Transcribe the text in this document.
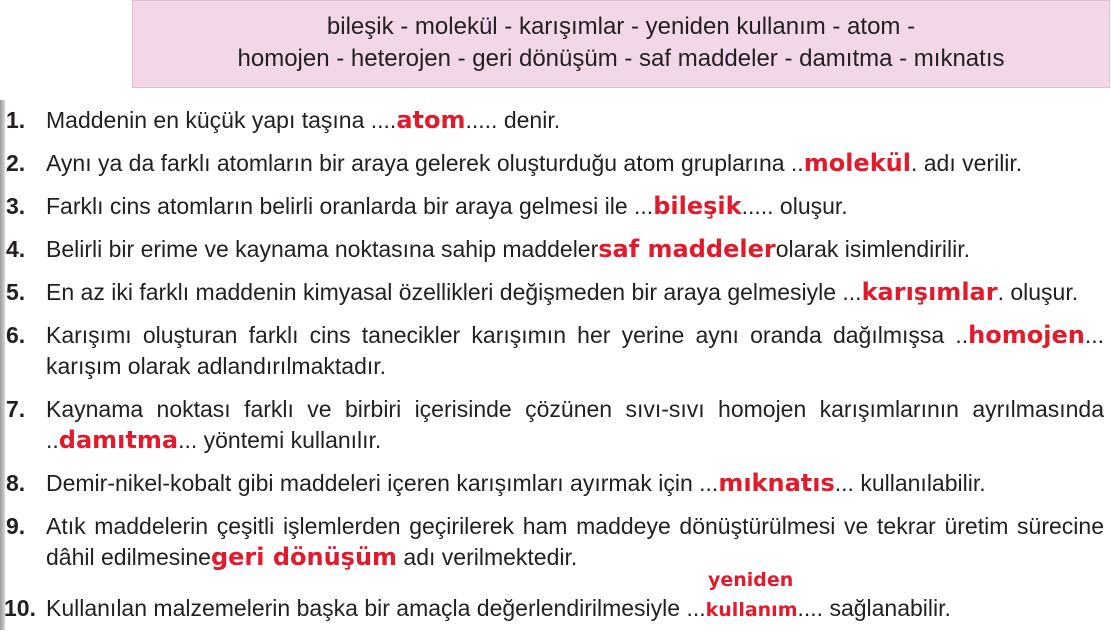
bileşik - molekül - karışımlar - yeniden kullanım - atom -
homojen - heterojen - geri dönüşüm - saf maddeler - damıtma - mıknatıs
1. Maddenin en küçük yapı taşına ....atom..... denir.
2. Aynı ya da farklı atomların bir araya gelerek oluşturduğu atom gruplarına ..molekül. adı verilir.
3. Farklı cins atomların belirli oranlarda bir araya gelmesi ile ...bileşik..... oluşur.
4. Belirli bir erime ve kaynama noktasına sahip maddelersaf maddelerolarak isimlendirilir.
5. En az iki farklı maddenin kimyasal özellikleri değişmeden bir araya gelmesiyle ...karışımlar. oluşur.
6. Karışımı oluşturan farklı cins tanecikler karışımın her yerine aynı oranda dağılmışsa ..homojen... karışım olarak adlandırılmaktadır.
7. Kaynama noktası farklı ve birbiri içerisinde çözünen sıvı-sıvı homojen karışımlarının ayrılmasında ..damıtma... yöntemi kullanılır.
8. Demir-nikel-kobalt gibi maddeleri içeren karışımları ayırmak için ...mıknatıs... kullanılabilir.
9. Atık maddelerin çeşitli işlemlerden geçirilerek ham maddeye dönüştürülmesi ve tekrar üretim sürecine dâhil edilmesinegeri dönüşüm adı verilmektedir.
yeniden
10. Kullanılan malzemelerin başka bir amaçla değerlendirilmesiyle ...kullanım.... sağlanabilir.
